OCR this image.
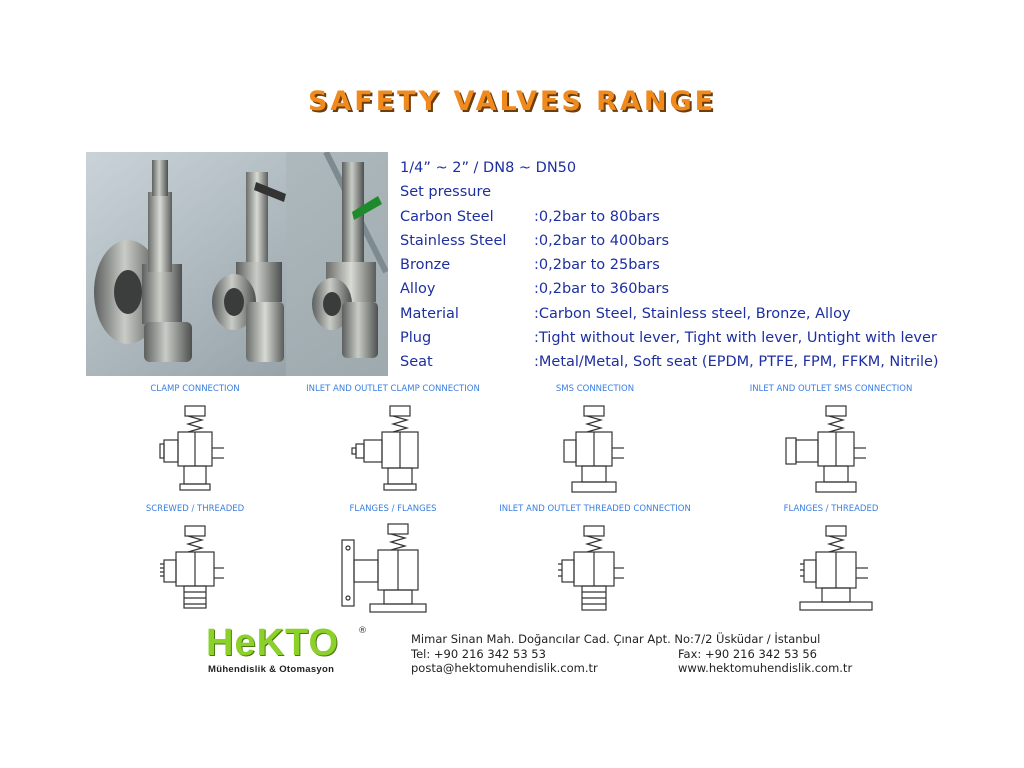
SAFETY VALVES RANGE
1/4” ~ 2” / DN8 ~ DN50
Set pressure
Carbon Steel	:0,2bar to 80bars
Stainless Steel :0,2bar to 400bars
Bronze	:0,2bar to 25bars
Alloy	:0,2bar to 360bars
Material	:Carbon Steel, Stainless steel, Bronze, Alloy
Plug	:Tight without lever, Tight with lever, Untight with lever
Seat	:Metal/Metal, Soft seat (EPDM, PTFE, FPM, FFKM, Nitrile)
CLAMP CONNECTION	INLET AND OUTLET CLAMP CONNECTION	SMS CONNECTION	INLET AND OUTLET SMS CONNECTION
SCREWED / THREADED	FLANGES / FLANGES	INLET AND OUTLET THREADED CONNECTION	FLANGES / THREADED
HeKTO ®
Mühendislik & Otomasyon
Mimar Sinan Mah. Doğancılar Cad. Çınar Apt. No:7/2 Üsküdar / İstanbul
Tel: +90 216 342 53 53	Fax: +90 216 342 53 56
posta@hektomuhendislik.com.tr	www.hektomuhendislik.com.tr
